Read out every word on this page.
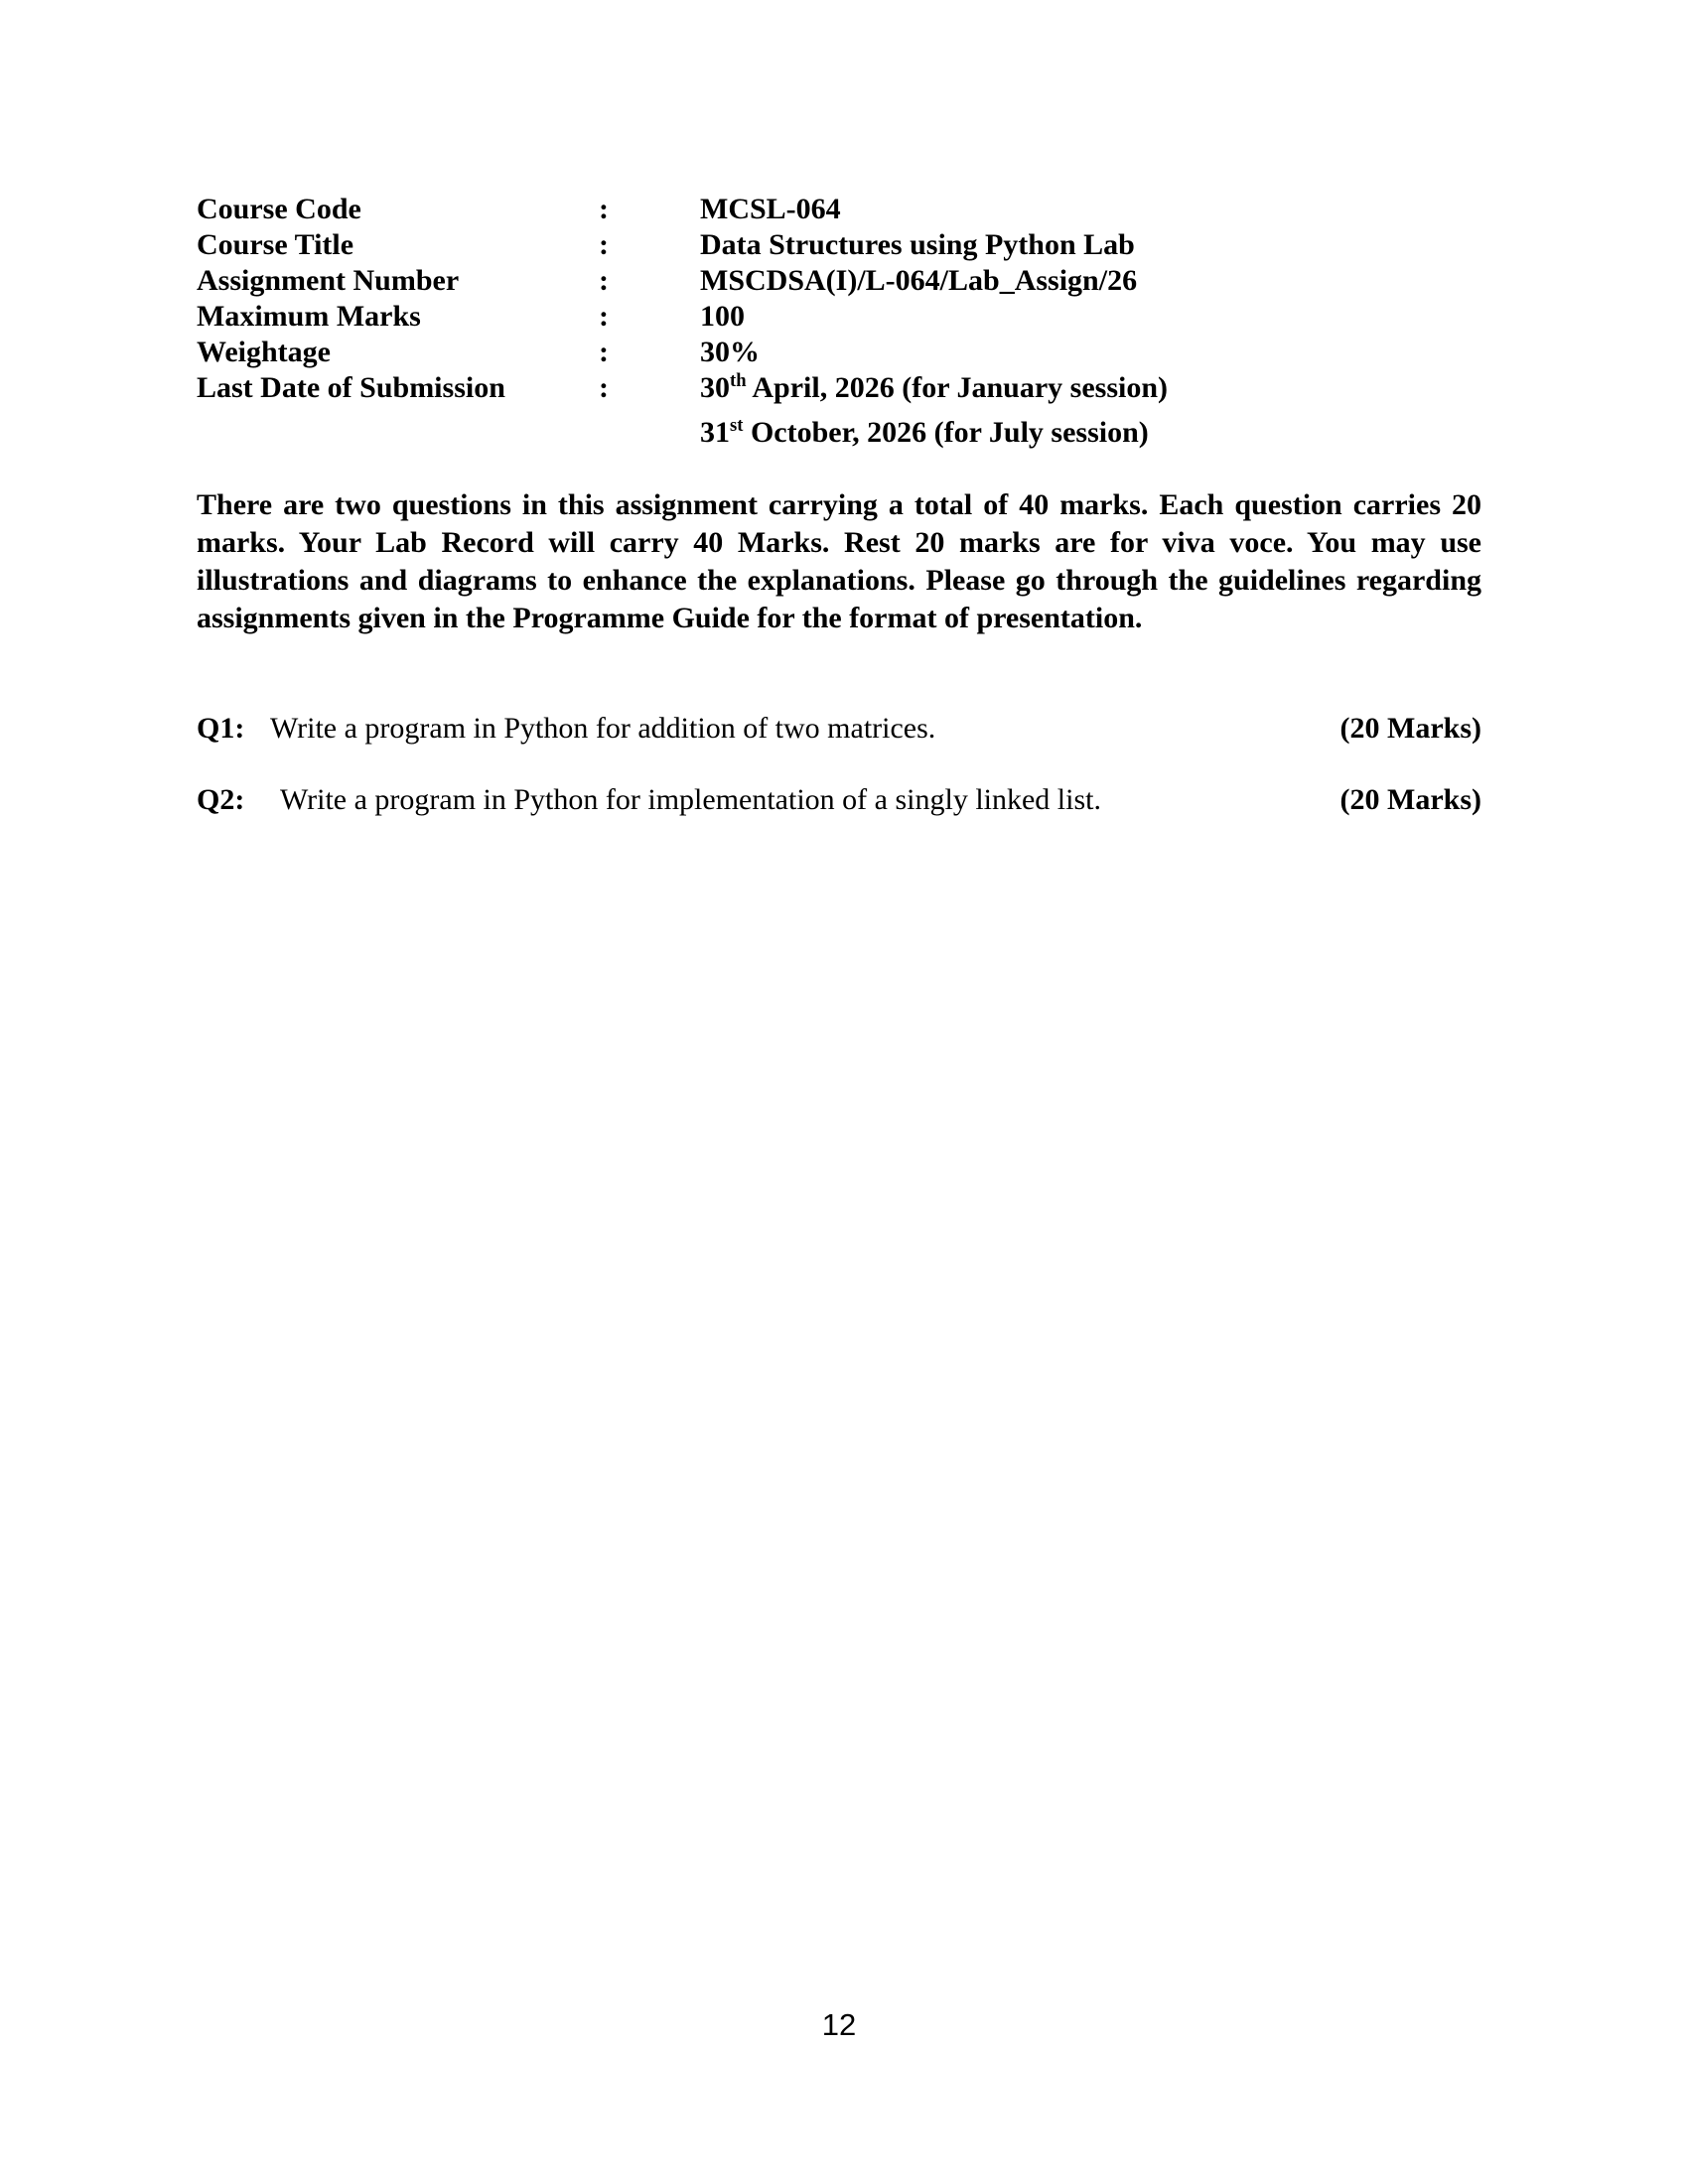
Course Code	:	MCSL-064
Course Title	:	Data Structures using Python Lab
Assignment Number	:	MSCDSA(I)/L-064/Lab_Assign/26
Maximum Marks	:	100
Weightage	:	30%
Last Date of Submission	:	30th April, 2026 (for January session)
31st October, 2026 (for July session)

There are two questions in this assignment carrying a total of 40 marks. Each question carries 20 marks. Your Lab Record will carry 40 Marks. Rest 20 marks are for viva voce. You may use illustrations and diagrams to enhance the explanations. Please go through the guidelines regarding assignments given in the Programme Guide for the format of presentation.

Q1: Write a program in Python for addition of two matrices.	(20 Marks)
Q2:	Write a program in Python for implementation of a singly linked list.	(20 Marks)
12
